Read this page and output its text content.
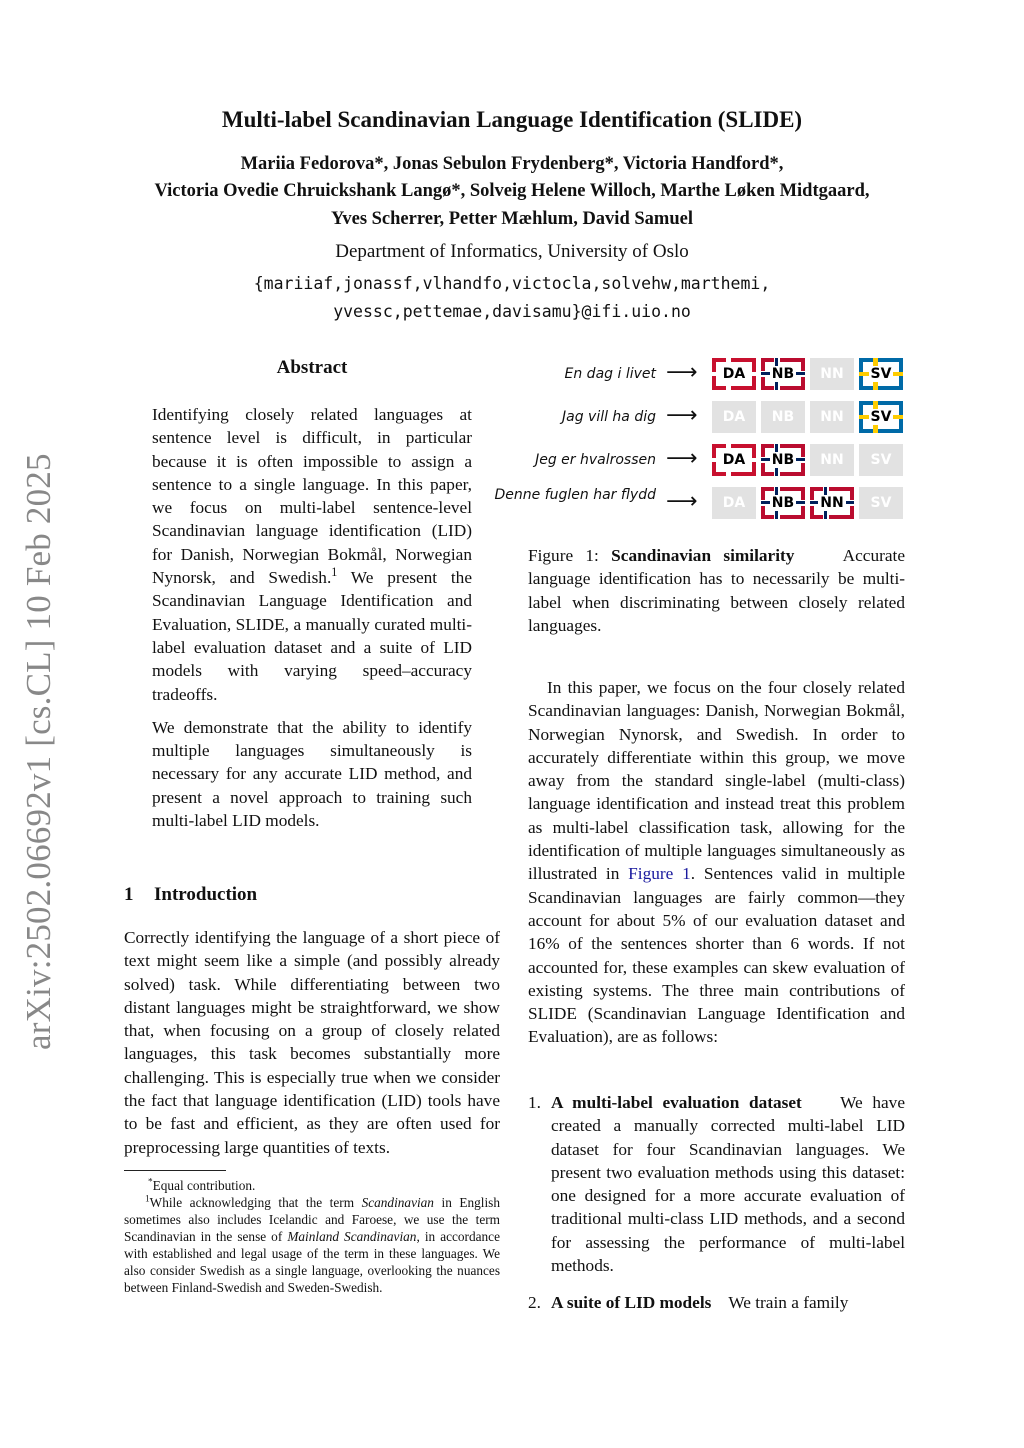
arXiv:2502.06692v1 [cs.CL] 10 Feb 2025
Multi-label Scandinavian Language Identification (SLIDE)
Mariia Fedorova*, Jonas Sebulon Frydenberg*, Victoria Handford*,
Victoria Ovedie Chruickshank Langø*, Solveig Helene Willoch, Marthe Løken Midtgaard,
Yves Scherrer, Petter Mæhlum, David Samuel
Department of Informatics, University of Oslo
{mariiaf,jonassf,vlhandfo,victocla,solvehw,marthemi,
yvessc,pettemae,davisamu}@ifi.uio.no
Abstract

Identifying closely related languages at sentence level is difficult, in particular because it is often impossible to assign a sentence to a single language. In this paper, we focus on multi-label sentence-level Scandinavian language identification (LID) for Danish, Norwegian Bokmål, Norwegian Nynorsk, and Swedish.$^1$ We present the Scandinavian Language Identification and Evaluation, SLIDE, a manually curated multi-label evaluation dataset and a suite of LID models with varying speed–accuracy tradeoffs.

We demonstrate that the ability to identify multiple languages simultaneously is necessary for any accurate LID method, and present a novel approach to training such multi-label LID models.

1 Introduction

Correctly identifying the language of a short piece of text might seem like a simple (and possibly already solved) task. While differentiating between two distant languages might be straightforward, we show that, when focusing on a group of closely related languages, this task becomes substantially more challenging. This is especially true when we consider the fact that language identification (LID) tools have to be fast and efficient, as they are often used for preprocessing large quantities of texts.

*Equal contribution.

$^1$While acknowledging that the term Scandinavian in English sometimes also includes Icelandic and Faroese, we use the term Scandinavian in the sense of Mainland Scandinavian, in accordance with established and legal usage of the term in these languages. We also consider Swedish as a single language, overlooking the nuances between Finland-Swedish and Sweden-Swedish.

En dag i livet ⟶ DA NB NN SV
Jag vill ha dig ⟶ DA NB NN SV
Jeg er hvalrossen ⟶ DA NB NN SV
Denne fuglen har flydd ⟶ DA NB NN SV
Figure 1: Scandinavian similarity	Accurate language identification has to necessarily be multi-label when discriminating between closely related languages.

In this paper, we focus on the four closely related Scandinavian languages: Danish, Norwegian Bokmål, Norwegian Nynorsk, and Swedish. In order to accurately differentiate within this group, we move away from the standard single-label (multi-class) language identification and instead treat this problem as multi-label classification task, allowing for the identification of multiple languages simultaneously as illustrated in Figure 1. Sentences valid in multiple Scandinavian languages are fairly common—they account for about 5% of our evaluation dataset and 16% of the sentences shorter than 6 words. If not accounted for, these examples can skew evaluation of existing systems. The three main contributions of SLIDE (Scandinavian Language Identification and Evaluation), are as follows:

1. A multi-label evaluation dataset We have created a manually corrected multi-label LID dataset for four Scandinavian languages. We present two evaluation methods using this dataset: one designed for a more accurate evaluation of traditional multi-class LID methods, and a second for assessing the performance of multi-label methods.
2. A suite of LID models We train a family
